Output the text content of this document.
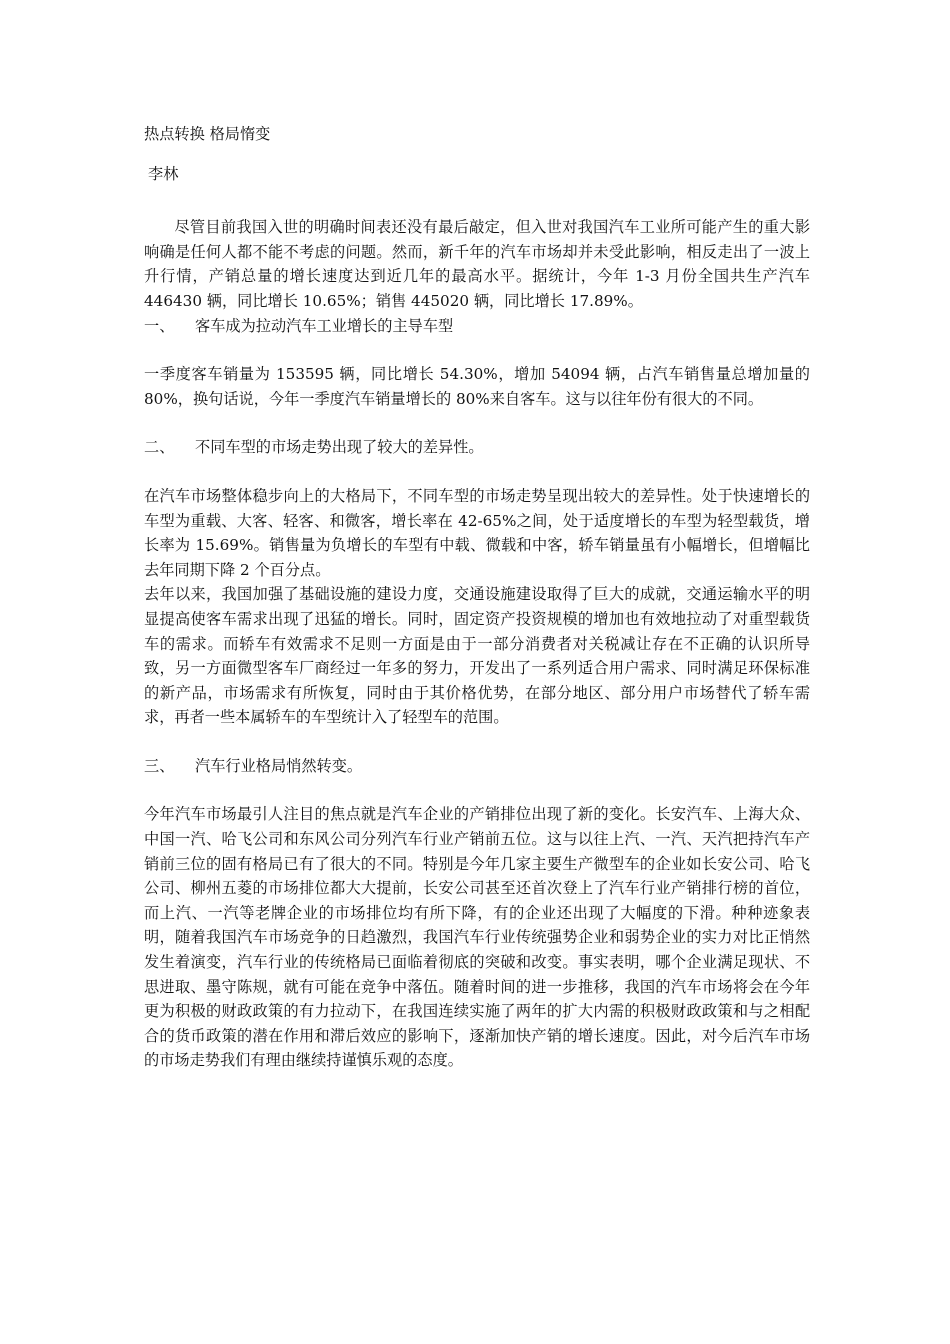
热点转换 格局惰变
李林

尽管目前我国入世的明确时间表还没有最后敲定，但入世对我国汽车工业所可能产生的重大影响确是任何人都不能不考虑的问题。然而，新千年的汽车市场却并未受此影响，相反走出了一波上升行情，产销总量的增长速度达到近几年的最高水平。据统计，今年 1-3 月份全国共生产汽车 446430 辆，同比增长 10.65%；销售 445020 辆，同比增长 17.89%。

一、	客车成为拉动汽车工业增长的主导车型

一季度客车销量为 153595 辆，同比增长 54.30%，增加 54094 辆，占汽车销售量总增加量的 80%，换句话说，今年一季度汽车销量增长的 80%来自客车。这与以往年份有很大的不同。

二、	不同车型的市场走势出现了较大的差异性。

在汽车市场整体稳步向上的大格局下，不同车型的市场走势呈现出较大的差异性。处于快速增长的车型为重载、大客、轻客、和微客，增长率在 42-65%之间，处于适度增长的车型为轻型载货，增长率为 15.69%。销售量为负增长的车型有中载、微载和中客，轿车销量虽有小幅增长，但增幅比去年同期下降 2 个百分点。

去年以来，我国加强了基础设施的建设力度，交通设施建设取得了巨大的成就，交通运输水平的明显提高使客车需求出现了迅猛的增长。同时，固定资产投资规模的增加也有效地拉动了对重型载货车的需求。而轿车有效需求不足则一方面是由于一部分消费者对关税减让存在不正确的认识所导致，另一方面微型客车厂商经过一年多的努力，开发出了一系列适合用户需求、同时满足环保标准的新产品，市场需求有所恢复，同时由于其价格优势，在部分地区、部分用户市场替代了轿车需求，再者一些本属轿车的车型统计入了轻型车的范围。

三、	汽车行业格局悄然转变。

今年汽车市场最引人注目的焦点就是汽车企业的产销排位出现了新的变化。长安汽车、上海大众、中国一汽、哈飞公司和东风公司分列汽车行业产销前五位。这与以往上汽、一汽、天汽把持汽车产销前三位的固有格局已有了很大的不同。特别是今年几家主要生产微型车的企业如长安公司、哈飞公司、柳州五菱的市场排位都大大提前，长安公司甚至还首次登上了汽车行业产销排行榜的首位，而上汽、一汽等老牌企业的市场排位均有所下降，有的企业还出现了大幅度的下滑。种种迹象表明，随着我国汽车市场竞争的日趋激烈，我国汽车行业传统强势企业和弱势企业的实力对比正悄然发生着演变，汽车行业的传统格局已面临着彻底的突破和改变。事实表明，哪个企业满足现状、不思进取、墨守陈规，就有可能在竞争中落伍。随着时间的进一步推移，我国的汽车市场将会在今年更为积极的财政政策的有力拉动下，在我国连续实施了两年的扩大内需的积极财政政策和与之相配合的货币政策的潜在作用和滞后效应的影响下，逐渐加快产销的增长速度。因此，对今后汽车市场的市场走势我们有理由继续持谨慎乐观的态度。
